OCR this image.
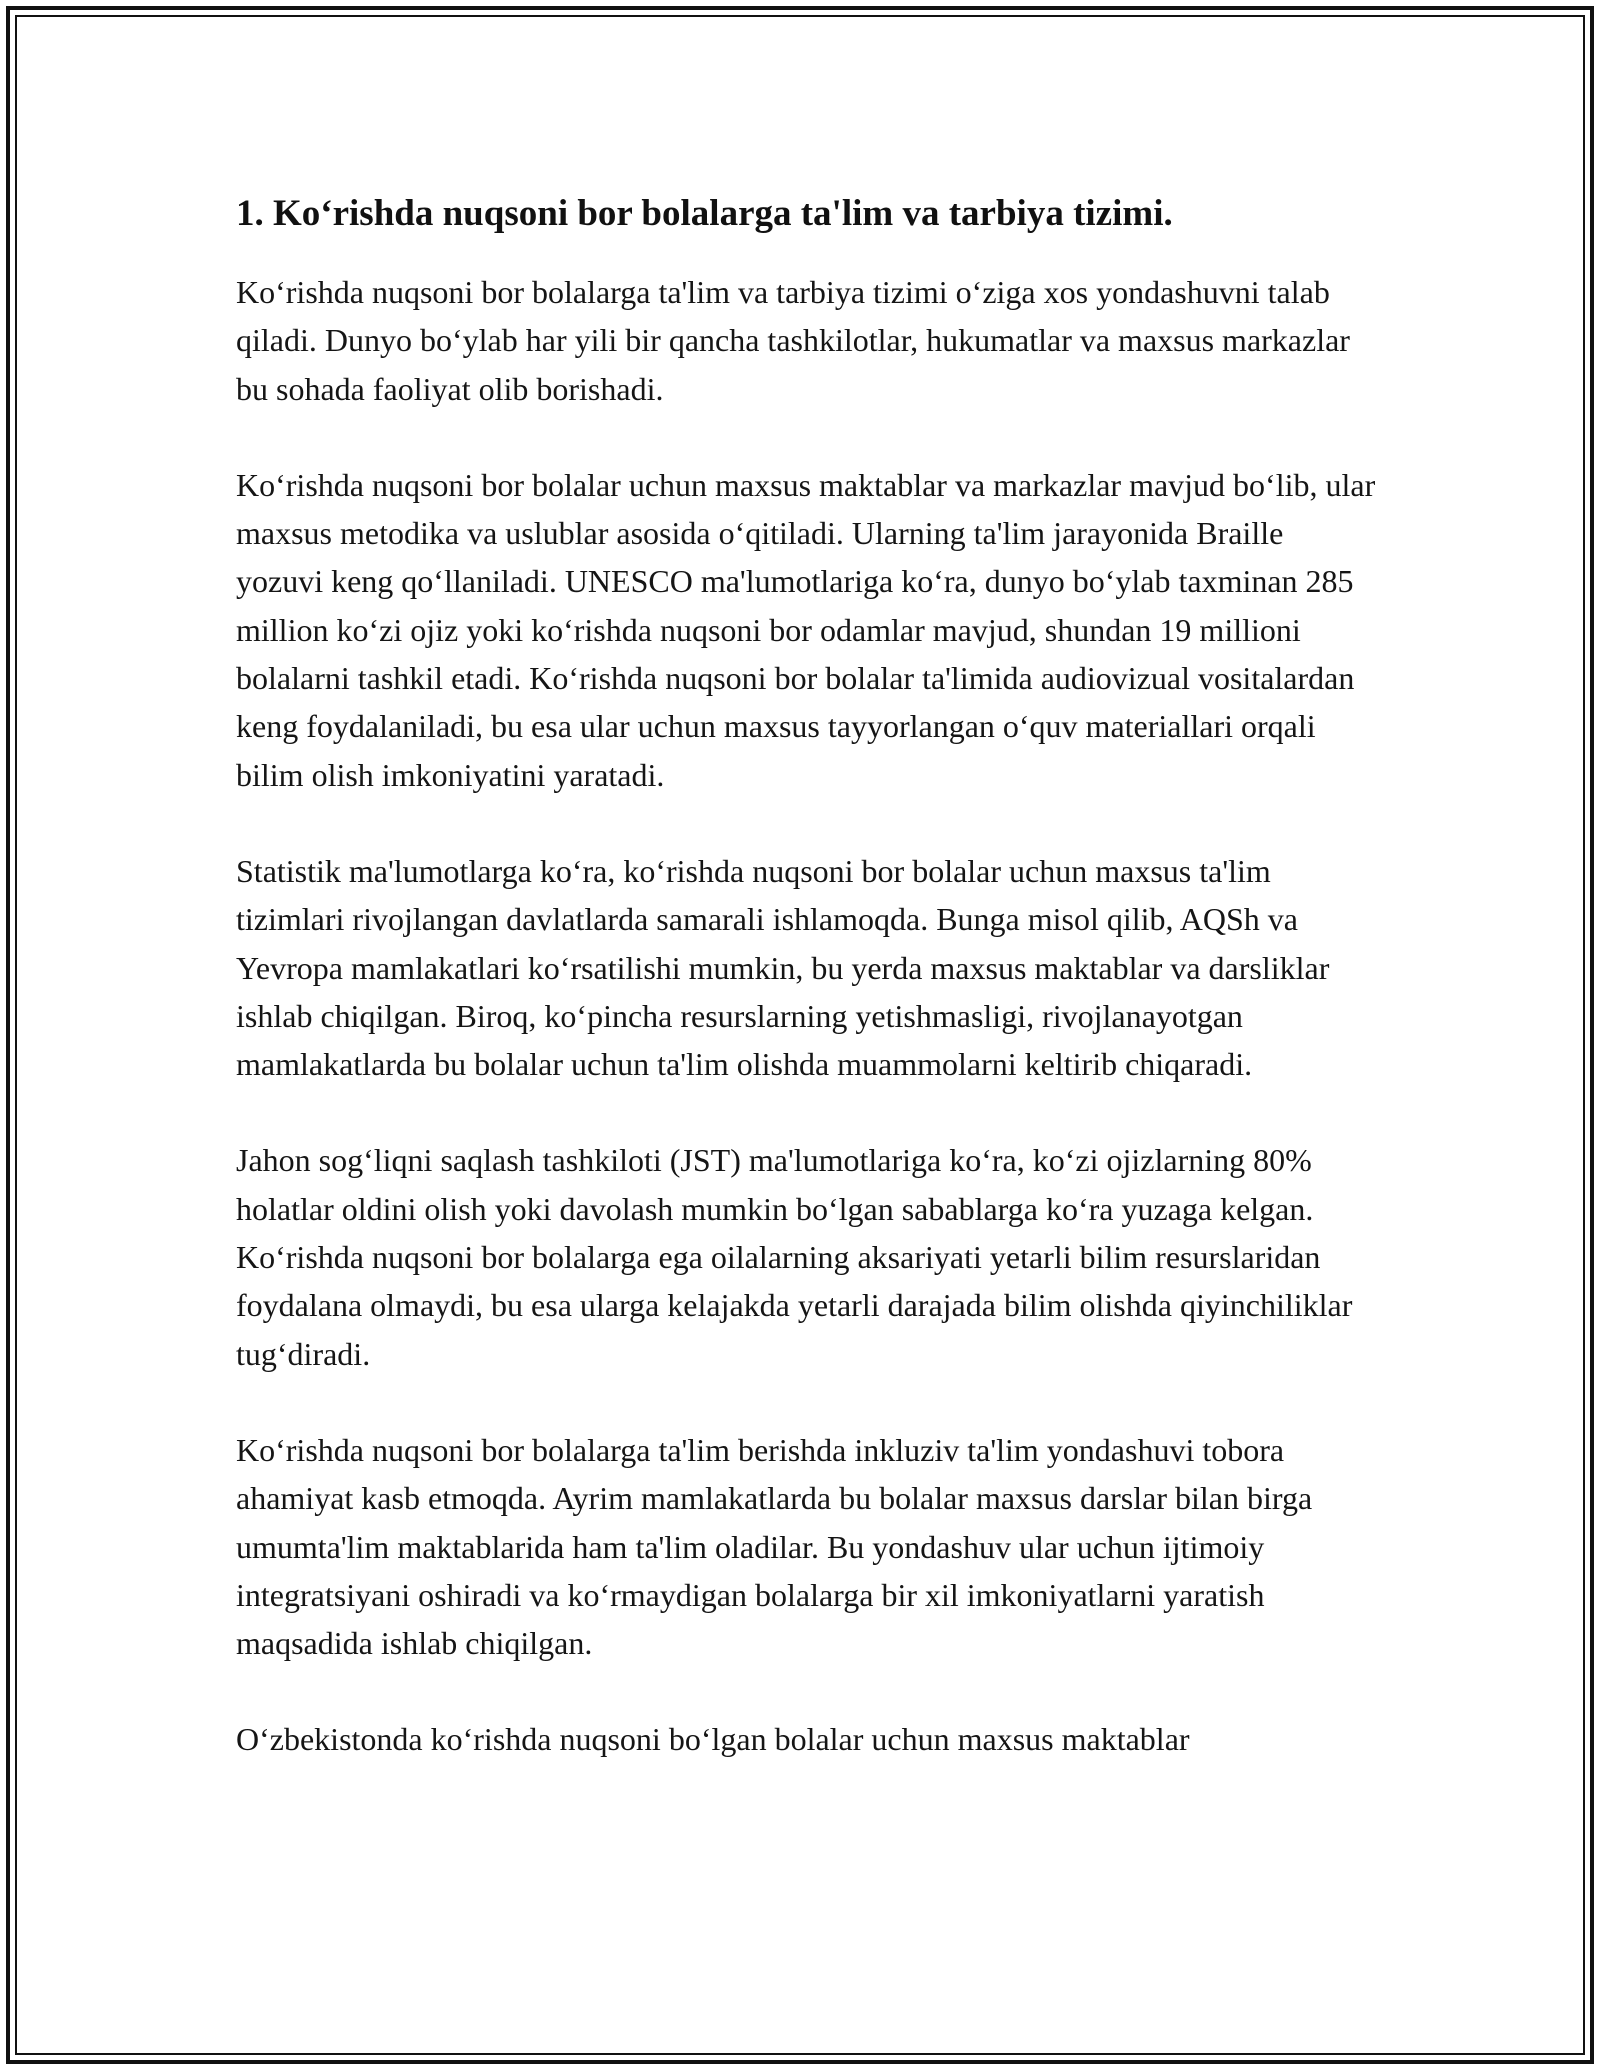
1. Ko‘rishda nuqsoni bor bolalarga ta'lim va tarbiya tizimi.

Ko‘rishda nuqsoni bor bolalarga ta'lim va tarbiya tizimi o‘ziga xos yondashuvni talab qiladi. Dunyo bo‘ylab har yili bir qancha tashkilotlar, hukumatlar va maxsus markazlar bu sohada faoliyat olib borishadi.

Ko‘rishda nuqsoni bor bolalar uchun maxsus maktablar va markazlar mavjud bo‘lib, ular maxsus metodika va uslublar asosida o‘qitiladi. Ularning ta'lim jarayonida Braille yozuvi keng qo‘llaniladi. UNESCO ma'lumotlariga ko‘ra, dunyo bo‘ylab taxminan 285 million ko‘zi ojiz yoki ko‘rishda nuqsoni bor odamlar mavjud, shundan 19 millioni bolalarni tashkil etadi. Ko‘rishda nuqsoni bor bolalar ta'limida audiovizual vositalardan keng foydalaniladi, bu esa ular uchun maxsus tayyorlangan o‘quv materiallari orqali bilim olish imkoniyatini yaratadi.

Statistik ma'lumotlarga ko‘ra, ko‘rishda nuqsoni bor bolalar uchun maxsus ta'lim tizimlari rivojlangan davlatlarda samarali ishlamoqda. Bunga misol qilib, AQSh va Yevropa mamlakatlari ko‘rsatilishi mumkin, bu yerda maxsus maktablar va darsliklar ishlab chiqilgan. Biroq, ko‘pincha resurslarning yetishmasligi, rivojlanayotgan mamlakatlarda bu bolalar uchun ta'lim olishda muammolarni keltirib chiqaradi.

Jahon sog‘liqni saqlash tashkiloti (JST) ma'lumotlariga ko‘ra, ko‘zi ojizlarning 80% holatlar oldini olish yoki davolash mumkin bo‘lgan sabablarga ko‘ra yuzaga kelgan. Ko‘rishda nuqsoni bor bolalarga ega oilalarning aksariyati yetarli bilim resurslaridan foydalana olmaydi, bu esa ularga kelajakda yetarli darajada bilim olishda qiyinchiliklar tug‘diradi.

Ko‘rishda nuqsoni bor bolalarga ta'lim berishda inkluziv ta'lim yondashuvi tobora ahamiyat kasb etmoqda. Ayrim mamlakatlarda bu bolalar maxsus darslar bilan birga umumta'lim maktablarida ham ta'lim oladilar. Bu yondashuv ular uchun ijtimoiy integratsiyani oshiradi va ko‘rmaydigan bolalarga bir xil imkoniyatlarni yaratish maqsadida ishlab chiqilgan.

O‘zbekistonda ko‘rishda nuqsoni bo‘lgan bolalar uchun maxsus maktablar
